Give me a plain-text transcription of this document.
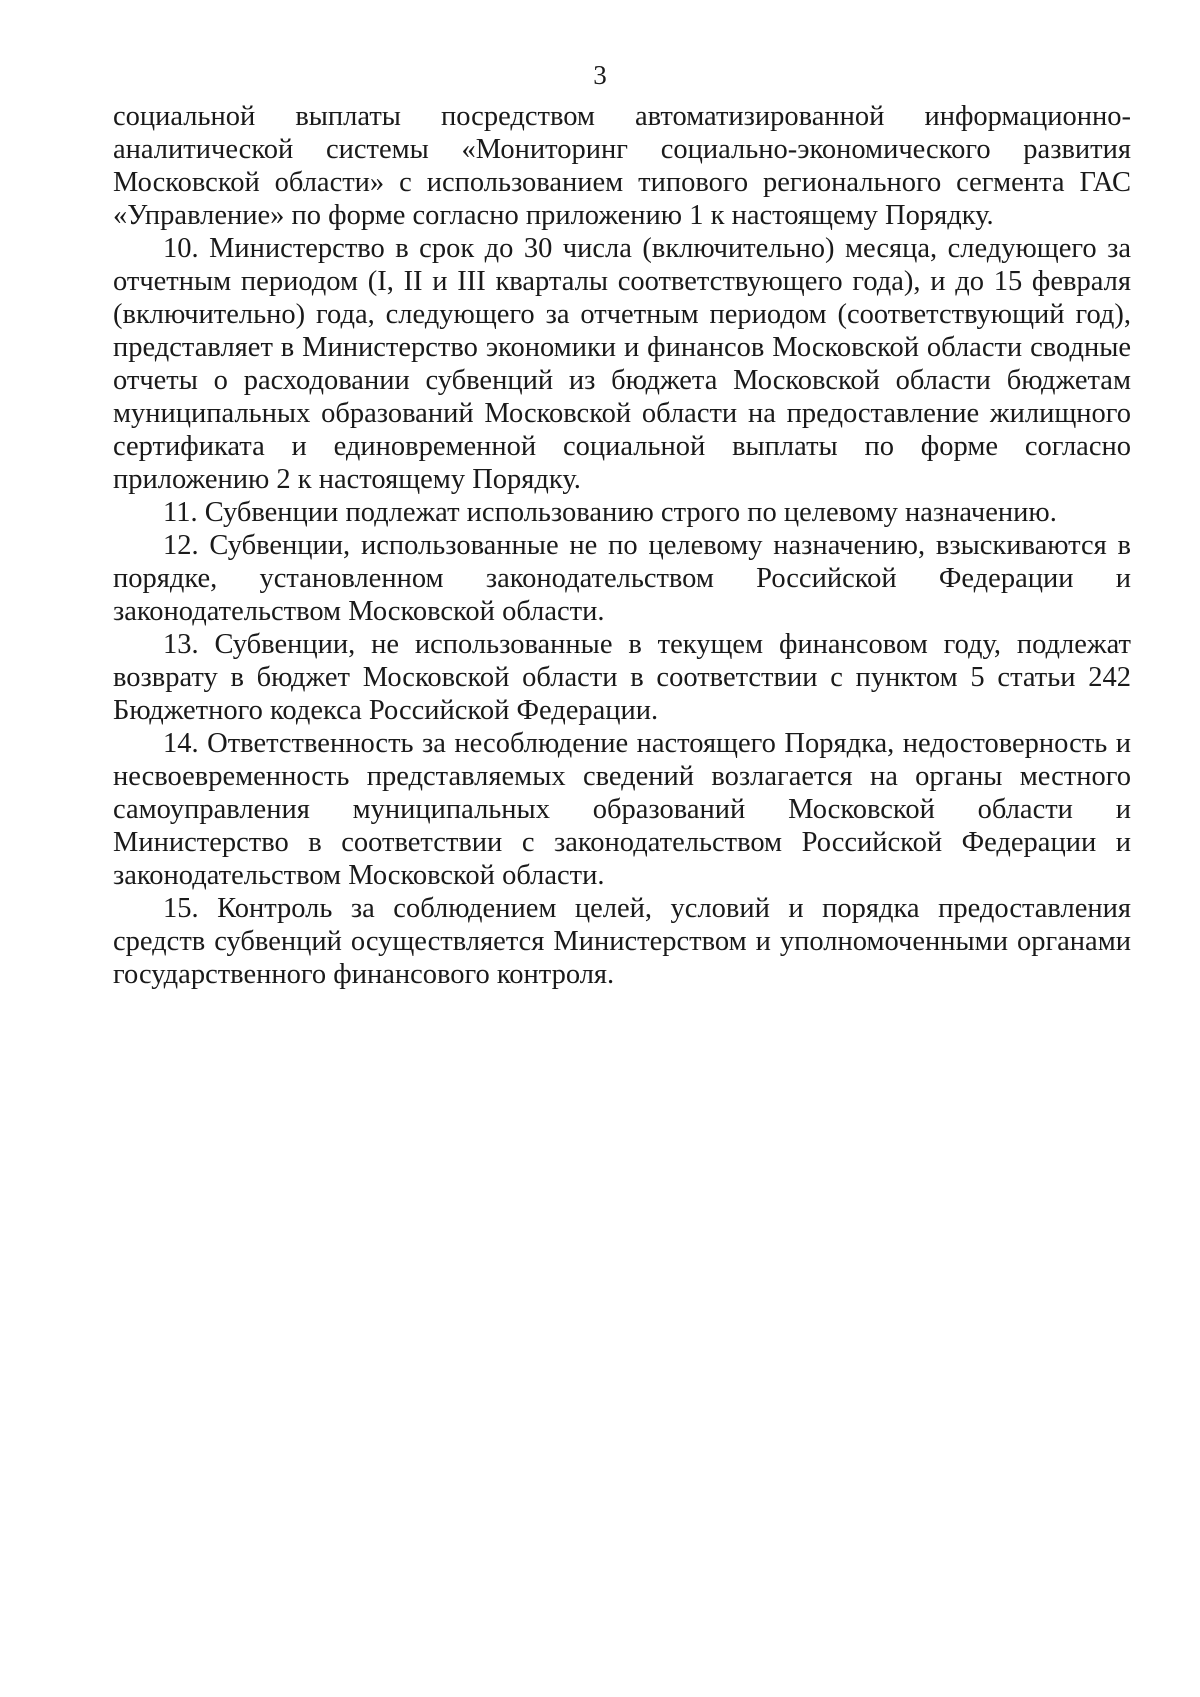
3

социальной выплаты посредством автоматизированной информационно-аналитической системы «Мониторинг социально-экономического развития Московской области» с использованием типового регионального сегмента ГАС «Управление» по форме согласно приложению 1 к настоящему Порядку.

10. Министерство в срок до 30 числа (включительно) месяца, следующего за отчетным периодом (I, II и III кварталы соответствующего года), и до 15 февраля (включительно) года, следующего за отчетным периодом (соответствующий год), представляет в Министерство экономики и финансов Московской области сводные отчеты о расходовании субвенций из бюджета Московской области бюджетам муниципальных образований Московской области на предоставление жилищного сертификата и единовременной социальной выплаты по форме согласно приложению 2 к настоящему Порядку.

11. Субвенции подлежат использованию строго по целевому назначению.

12. Субвенции, использованные не по целевому назначению, взыскиваются в порядке, установленном законодательством Российской Федерации и законодательством Московской области.

13. Субвенции, не использованные в текущем финансовом году, подлежат возврату в бюджет Московской области в соответствии с пунктом 5 статьи 242 Бюджетного кодекса Российской Федерации.

14. Ответственность за несоблюдение настоящего Порядка, недостоверность и несвоевременность представляемых сведений возлагается на органы местного самоуправления муниципальных образований Московской области и Министерство в соответствии с законодательством Российской Федерации и законодательством Московской области.

15. Контроль за соблюдением целей, условий и порядка предоставления средств субвенций осуществляется Министерством и уполномоченными органами государственного финансового контроля.
